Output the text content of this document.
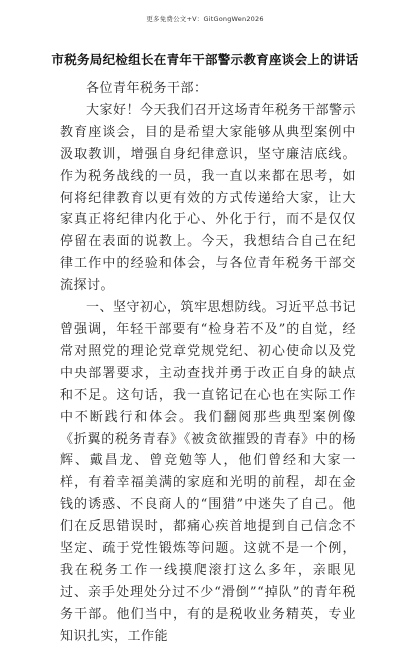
更多免费公文+V：GitGongWen2026
市税务局纪检组长在青年干部警示教育座谈会上的讲话

各位青年税务干部：

大家好！今天我们召开这场青年税务干部警示教育座谈会，目的是希望大家能够从典型案例中汲取教训，增强自身纪律意识，坚守廉洁底线。作为税务战线的一员，我一直以来都在思考，如何将纪律教育以更有效的方式传递给大家，让大家真正将纪律内化于心、外化于行，而不是仅仅停留在表面的说教上。今天，我想结合自己在纪律工作中的经验和体会，与各位青年税务干部交流探讨。

一、坚守初心，筑牢思想防线。习近平总书记曾强调，年轻干部要有“检身若不及”的自觉，经常对照党的理论党章党规党纪、初心使命以及党中央部署要求，主动查找并勇于改正自身的缺点和不足。这句话，我一直铭记在心也在实际工作中不断践行和体会。我们翻阅那些典型案例像《折翼的税务青春》《被贪欲摧毁的青春》中的杨辉、戴昌龙、曾竞勉等人，他们曾经和大家一样，有着幸福美满的家庭和光明的前程，却在金钱的诱惑、不良商人的“围猎”中迷失了自己。他们在反思错误时，都痛心疾首地提到自己信念不坚定、疏于党性锻炼等问题。这就不是一个例，我在税务工作一线摸爬滚打这么多年，亲眼见过、亲手处理处分过不少“滑倒”“掉队”的青年税务干部。他们当中，有的是税收业务精英，专业知识扎实，工作能
